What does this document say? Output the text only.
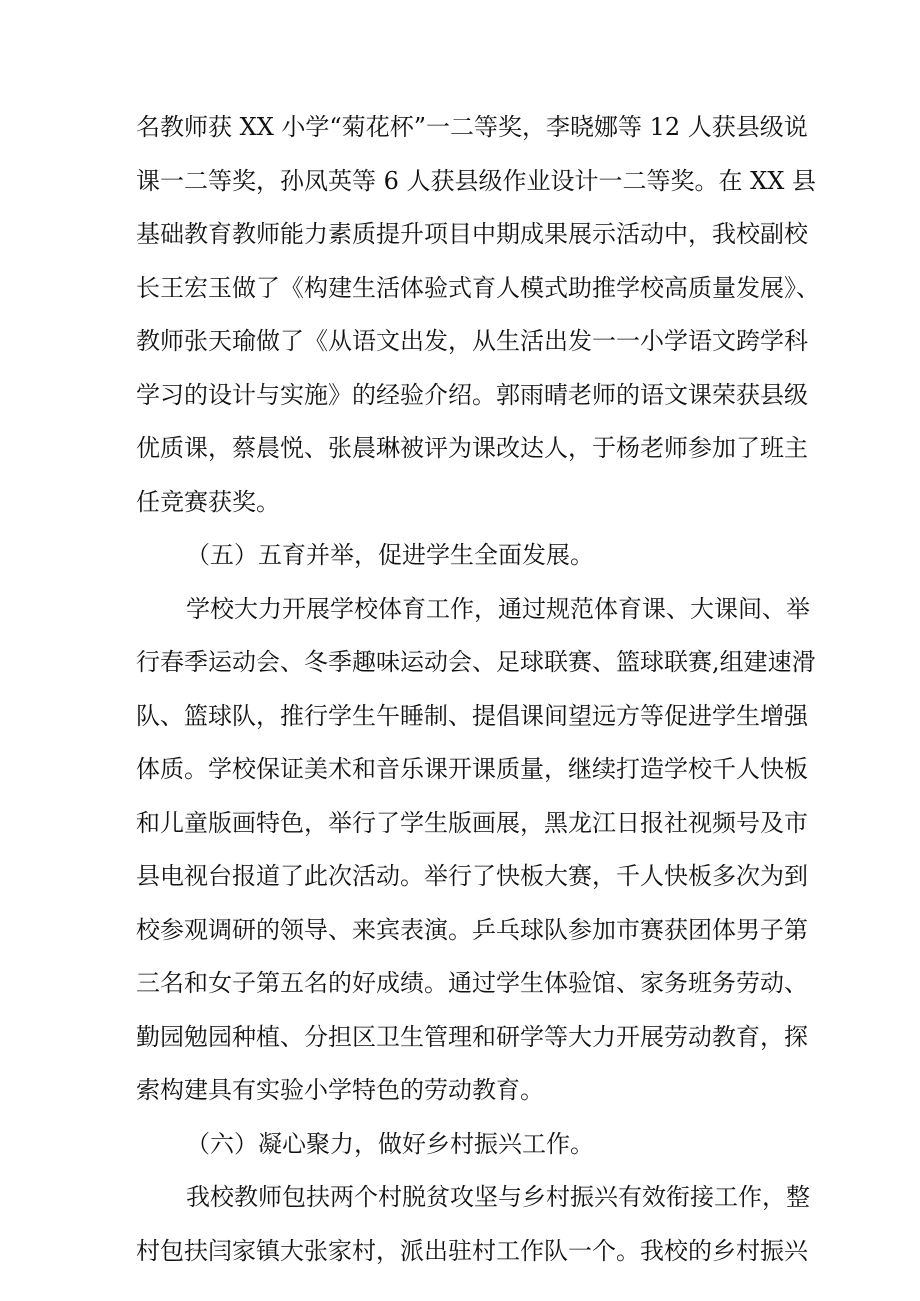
名教师获 XX 小学“菊花杯”一二等奖，李晓娜等 12 人获县级说
课一二等奖，孙凤英等 6 人获县级作业设计一二等奖。在 XX 县
基础教育教师能力素质提升项目中期成果展示活动中，我校副校
长王宏玉做了《构建生活体验式育人模式助推学校高质量发展》、
教师张天瑜做了《从语文出发，从生活出发一一小学语文跨学科
学习的设计与实施》的经验介绍。郭雨晴老师的语文课荣获县级
优质课，蔡晨悦、张晨琳被评为课改达人，于杨老师参加了班主
任竞赛获奖。
（五）五育并举，促进学生全面发展。
学校大力开展学校体育工作，通过规范体育课、大课间、举
行春季运动会、冬季趣味运动会、足球联赛、篮球联赛,组建速滑
队、篮球队，推行学生午睡制、提倡课间望远方等促进学生增强
体质。学校保证美术和音乐课开课质量，继续打造学校千人快板
和儿童版画特色，举行了学生版画展，黑龙江日报社视频号及市
县电视台报道了此次活动。举行了快板大赛，千人快板多次为到
校参观调研的领导、来宾表演。乒乓球队参加市赛获团体男子第
三名和女子第五名的好成绩。通过学生体验馆、家务班务劳动、
勤园勉园种植、分担区卫生管理和研学等大力开展劳动教育，探
索构建具有实验小学特色的劳动教育。
（六）凝心聚力，做好乡村振兴工作。
我校教师包扶两个村脱贫攻坚与乡村振兴有效衔接工作，整
村包扶闫家镇大张家村，派出驻村工作队一个。我校的乡村振兴
